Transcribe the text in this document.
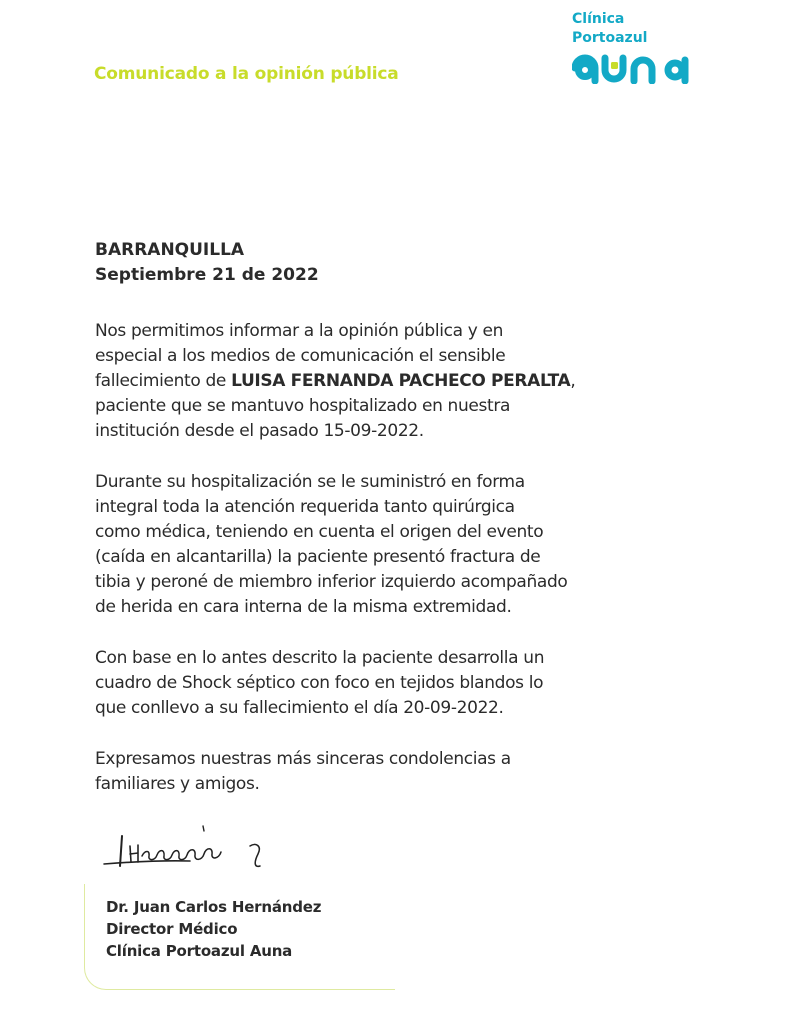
Comunicado a la opinión pública
Clínica
Portoazul
BARRANQUILLA
Septiembre 21 de 2022

Nos permitimos informar a la opinión pública y en
especial a los medios de comunicación el sensible
fallecimiento de LUISA FERNANDA PACHECO PERALTA,
paciente que se mantuvo hospitalizado en nuestra
institución desde el pasado 15-09-2022.

Durante su hospitalización se le suministró en forma
integral toda la atención requerida tanto quirúrgica
como médica, teniendo en cuenta el origen del evento
(caída en alcantarilla) la paciente presentó fractura de
tibia y peroné de miembro inferior izquierdo acompañado
de herida en cara interna de la misma extremidad.

Con base en lo antes descrito la paciente desarrolla un
cuadro de Shock séptico con foco en tejidos blandos lo
que conllevo a su fallecimiento el día 20-09-2022.

Expresamos nuestras más sinceras condolencias a
familiares y amigos.

Dr. Juan Carlos Hernández
Director Médico
Clínica Portoazul Auna
